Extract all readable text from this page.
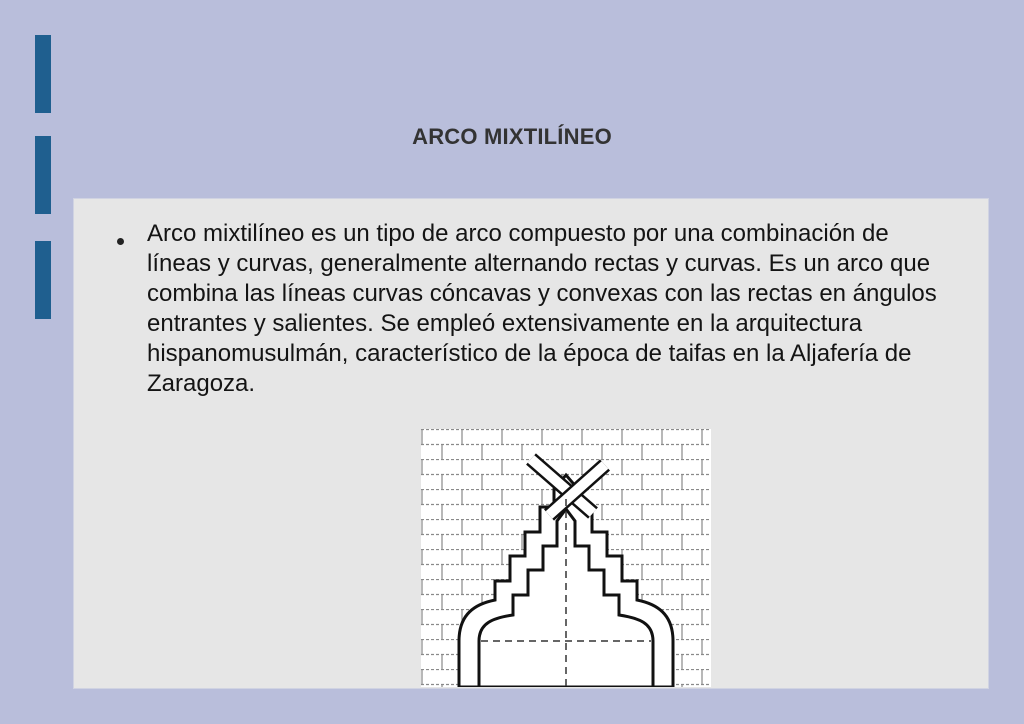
ARCO MIXTILÍNEO

Arco mixtilíneo es un tipo de arco compuesto por una combinación de líneas y curvas, generalmente alternando rectas y curvas. Es un arco que combina las líneas curvas cóncavas y convexas con las rectas en ángulos entrantes y salientes. Se empleó extensivamente en la arquitectura hispanomusulmán, característico de la época de taifas en la Aljafería de Zaragoza.
